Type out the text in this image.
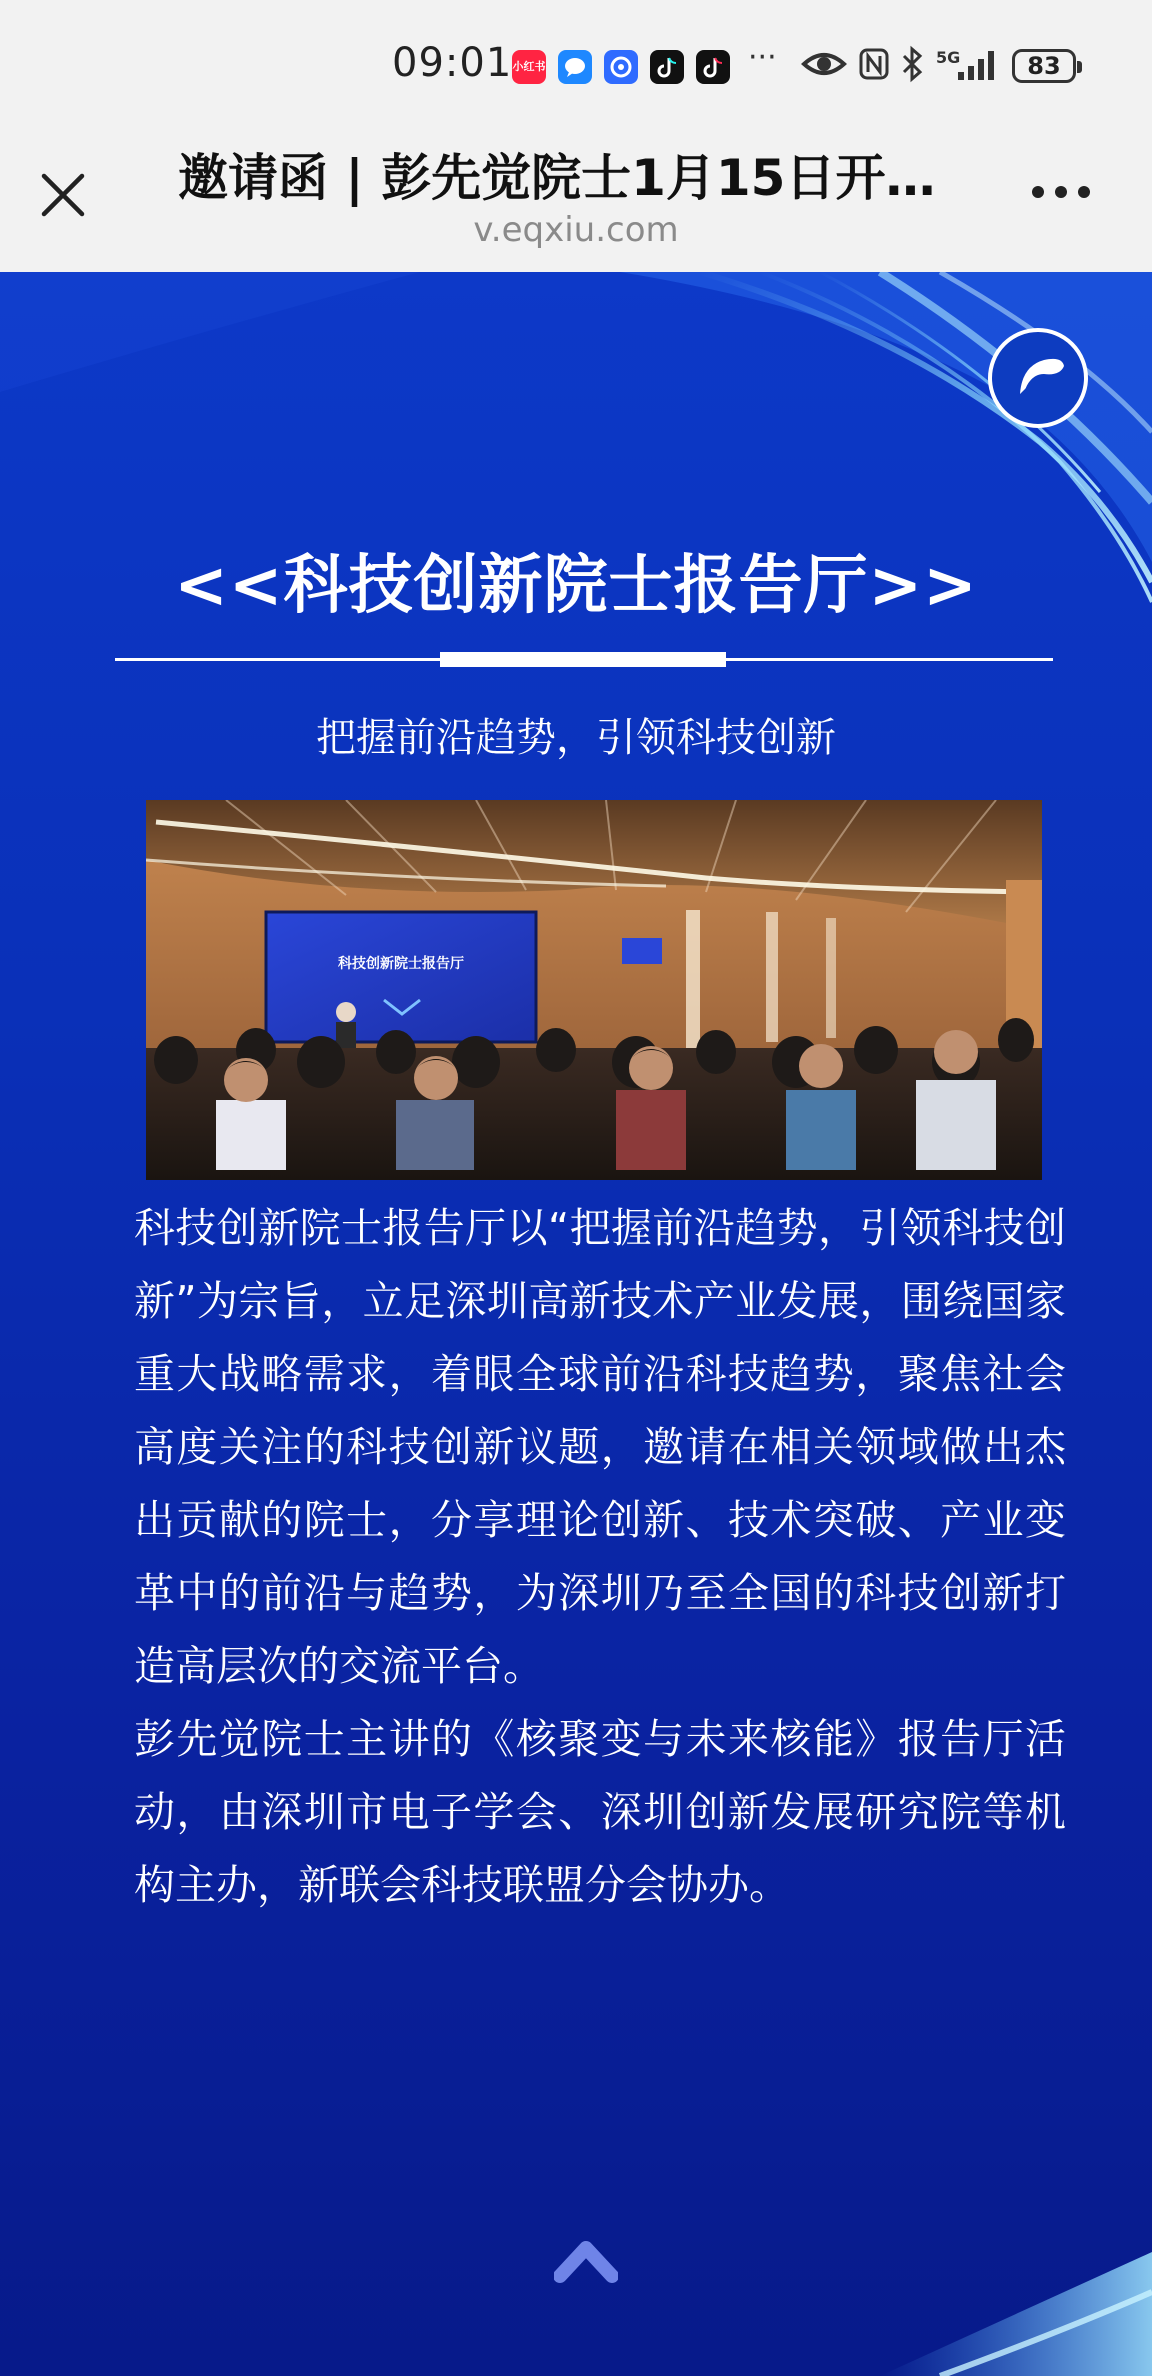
09:01 小红书	···	5G	83
邀请函 | 彭先觉院士1月15日开…
v.eqxiu.com
<<科技创新院士报告厅>>
把握前沿趋势，引领科技创新
科技创新院士报告厅

科技创新院士报告厅以“把握前沿趋势，引领科技创新”为宗旨，立足深圳高新技术产业发展，围绕国家重大战略需求，着眼全球前沿科技趋势，聚焦社会高度关注的科技创新议题，邀请在相关领域做出杰出贡献的院士，分享理论创新、技术突破、产业变革中的前沿与趋势，为深圳乃至全国的科技创新打造高层次的交流平台。

彭先觉院士主讲的《核聚变与未来核能》报告厅活动，由深圳市电子学会、深圳创新发展研究院等机构主办，新联会科技联盟分会协办。
